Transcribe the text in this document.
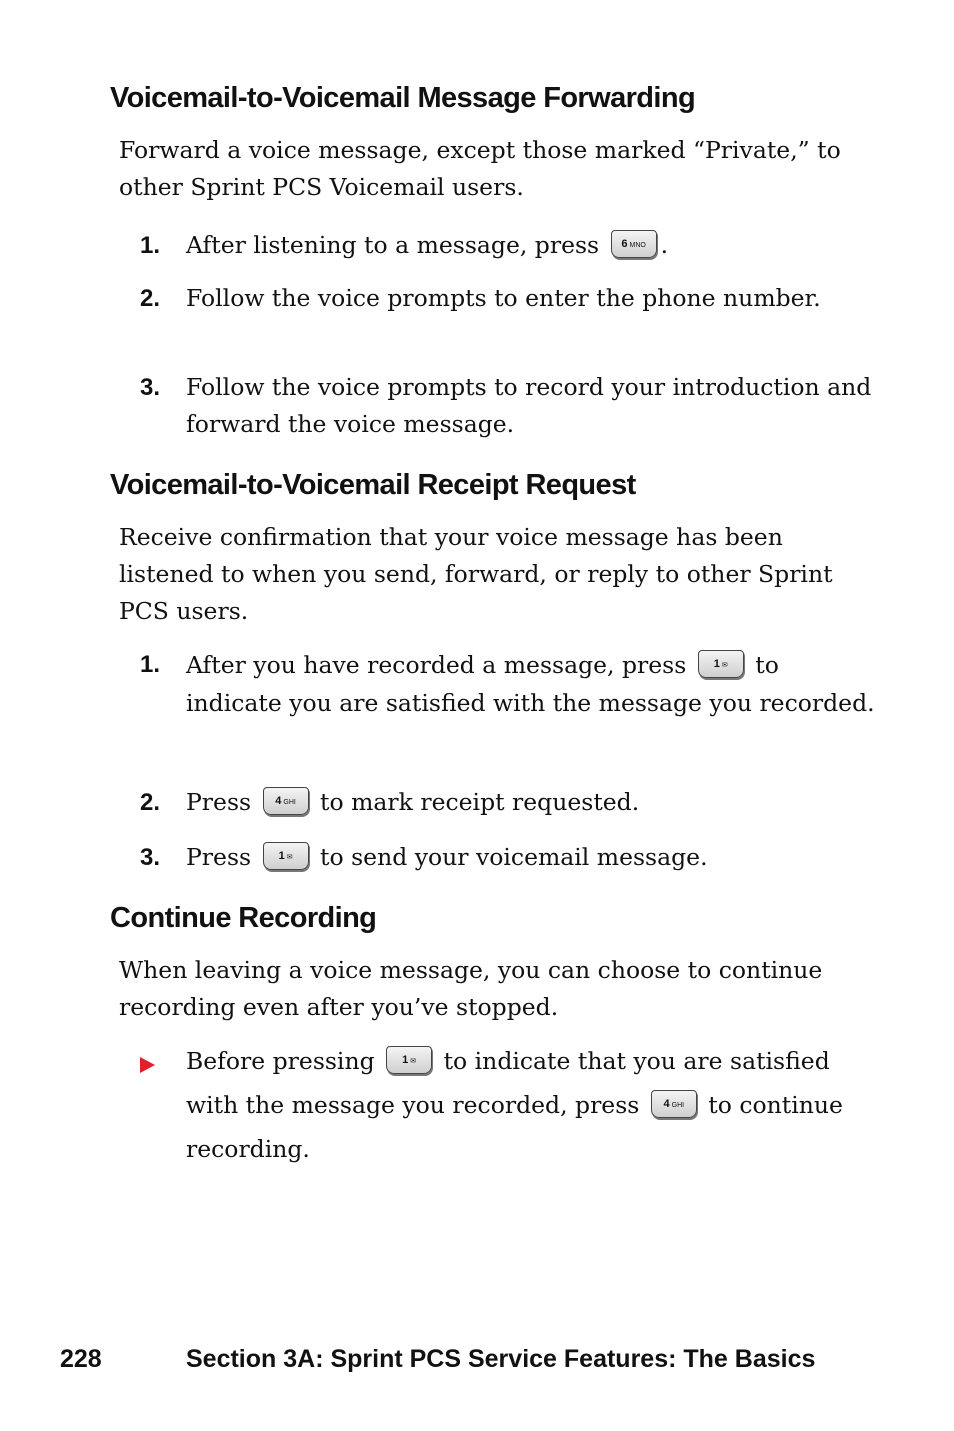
Voicemail-to-Voicemail Message Forwarding

Forward a voice message, except those marked “Private,” to other Sprint PCS Voicemail users.

1. After listening to a message, press 6 MNO .
2. Follow the voice prompts to enter the phone number.
3. Follow the voice prompts to record your introduction and forward the voice message.
Voicemail-to-Voicemail Receipt Request

Receive confirmation that your voice message has been listened to when you send, forward, or reply to other Sprint PCS users.

1. After you have recorded a message, press 1 ✉ to indicate you are satisfied with the message you recorded.
2. Press 4 GHI to mark receipt requested.
3. Press 1 ✉ to send your voicemail message.
Continue Recording

When leaving a voice message, you can choose to continue recording even after you’ve stopped.

Before pressing 1 ✉ to indicate that you are satisfied with the message you recorded, press 4 GHI to continue recording.
228	Section 3A: Sprint PCS Service Features: The Basics
